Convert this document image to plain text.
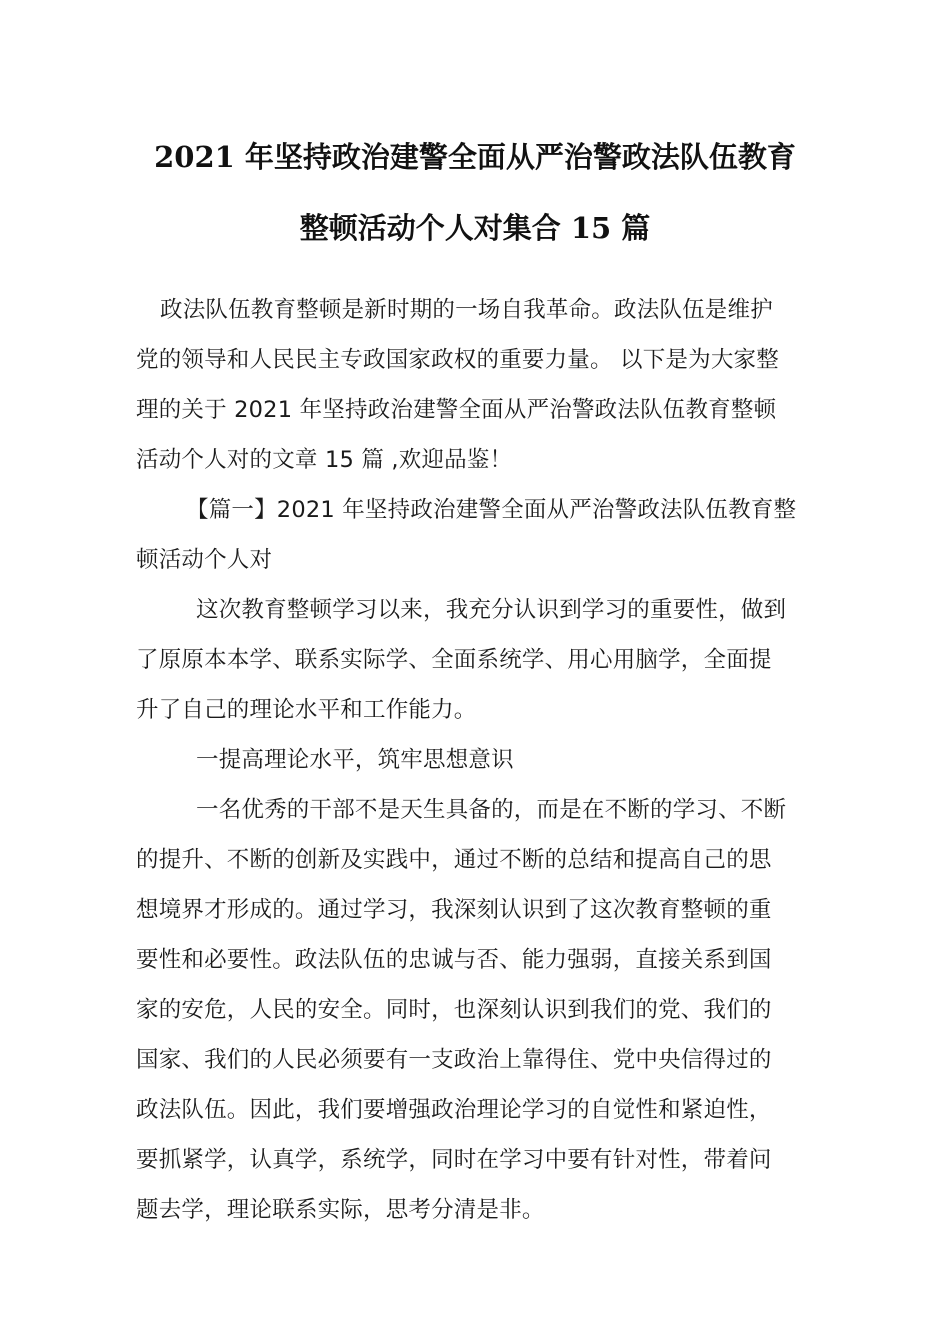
2021 年坚持政治建警全面从严治警政法队伍教育
整顿活动个人对集合 15 篇
政法队伍教育整顿是新时期的一场自我革命。政法队伍是维护
党的领导和人民民主专政国家政权的重要力量。 以下是为大家整
理的关于 2021 年坚持政治建警全面从严治警政法队伍教育整顿
活动个人对的文章 15 篇 ,欢迎品鉴！
【篇一】2021 年坚持政治建警全面从严治警政法队伍教育整
顿活动个人对
这次教育整顿学习以来，我充分认识到学习的重要性，做到
了原原本本学、联系实际学、全面系统学、用心用脑学，全面提
升了自己的理论水平和工作能力。
一提高理论水平，筑牢思想意识
一名优秀的干部不是天生具备的，而是在不断的学习、不断
的提升、不断的创新及实践中，通过不断的总结和提高自己的思
想境界才形成的。通过学习，我深刻认识到了这次教育整顿的重
要性和必要性。政法队伍的忠诚与否、能力强弱，直接关系到国
家的安危，人民的安全。同时，也深刻认识到我们的党、我们的
国家、我们的人民必须要有一支政治上靠得住、党中央信得过的
政法队伍。因此，我们要增强政治理论学习的自觉性和紧迫性，
要抓紧学，认真学，系统学，同时在学习中要有针对性，带着问
题去学，理论联系实际，思考分清是非。
